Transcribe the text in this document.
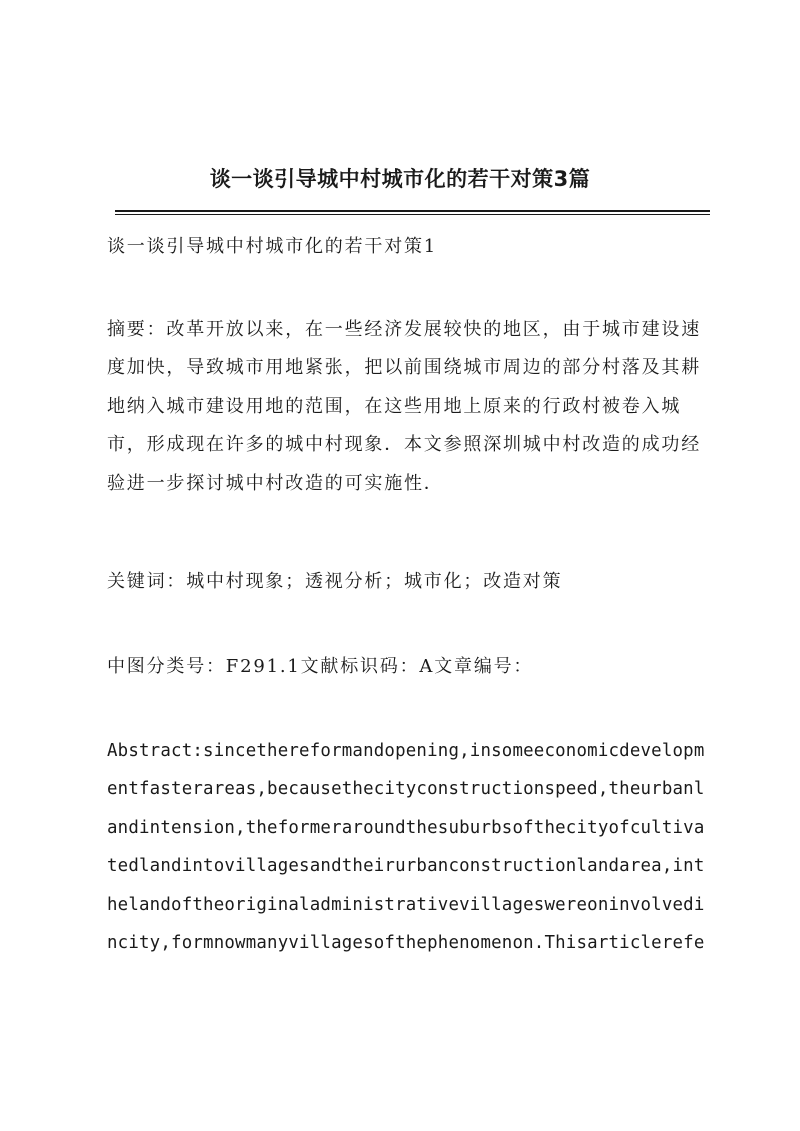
谈一谈引导城中村城市化的若干对策3篇

谈一谈引导城中村城市化的若干对策1

摘要：改革开放以来，在一些经济发展较快的地区，由于城市建设速度加快，导致城市用地紧张，把以前围绕城市周边的部分村落及其耕地纳入城市建设用地的范围，在这些用地上原来的行政村被卷入城市，形成现在许多的城中村现象．本文参照深圳城中村改造的成功经验进一步探讨城中村改造的可实施性．

关键词：城中村现象；透视分析；城市化；改造对策

中图分类号：F291.1文献标识码：A文章编号：

Abstract:sincethereformandopening,insomeeconomicdevelopmentfasterareas,becausethecityconstructionspeed,theurbanlandintension,theformeraroundthesuburbsofthecityofcultivatedlandintovillagesandtheirurbanconstructionlandarea,inthelandoftheoriginaladministrativevillageswereoninvolvedincity,formnowmanyvillagesofthephenomenon.Thisarticlerefe
